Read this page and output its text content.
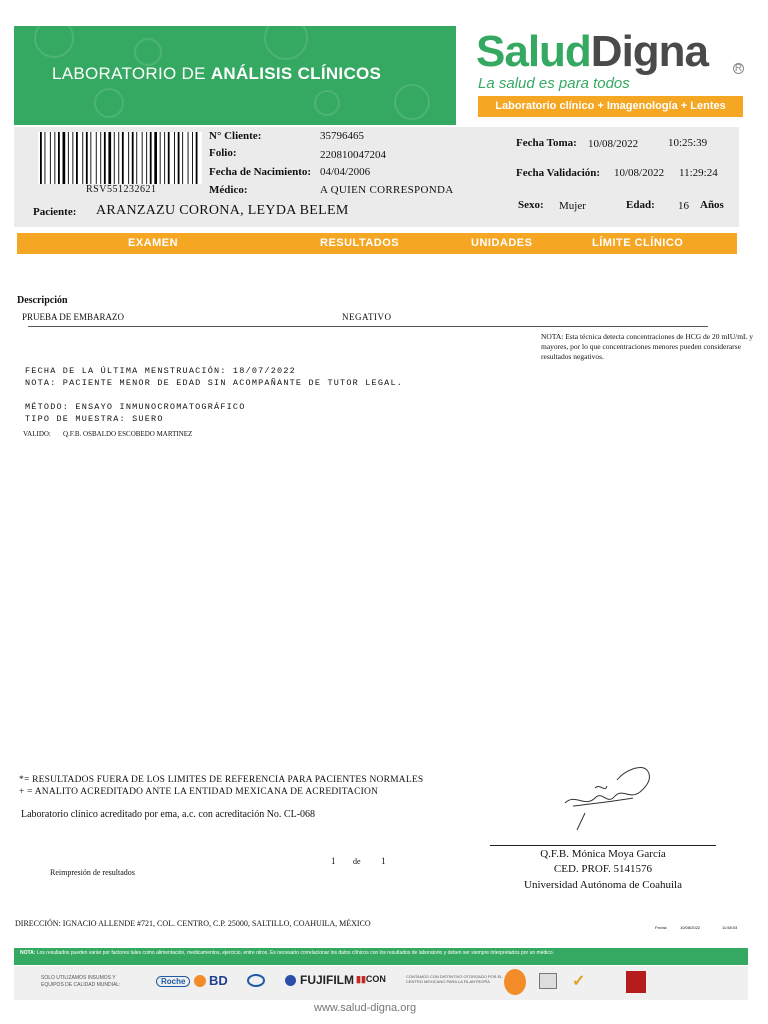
LABORATORIO DE ANÁLISIS CLÍNICOS SaludDigna	R
La salud es para todos
Laboratorio clínico + Imagenología + Lentes
RSV551232621
N° Cliente:	35796465
Folio:	220810047204
Fecha de Nacimiento: 04/04/2006
Médico:	A QUIEN CORRESPONDA
Paciente: ARANZAZU CORONA, LEYDA BELEM
Fecha Toma: 10/08/2022	10:25:39
Fecha Validación: 10/08/2022 11:29:24
Sexo: Mujer	Edad: 16 Años
EXAMEN	RESULTADOS	UNIDADES	LÍMITE CLÍNICO
Descripción
PRUEBA DE EMBARAZO	NEGATIVO
NOTA: Esta técnica detecta concentraciones de HCG de 20 mIU/mL y mayores, por lo que concentraciones menores pueden considerarse resultados negativos.
FECHA DE LA ÚLTIMA MENSTRUACIÓN: 18/07/2022
NOTA: PACIENTE MENOR DE EDAD SIN ACOMPAÑANTE DE TUTOR LEGAL.
MÉTODO: ENSAYO INMUNOCROMATOGRÁFICO
TIPO DE MUESTRA: SUERO
VALIDO: Q.F.B. OSBALDO ESCOBEDO MARTINEZ
*= RESULTADOS FUERA DE LOS LIMITES DE REFERENCIA PARA PACIENTES NORMALES
+ = ANALITO ACREDITADO ANTE LA ENTIDAD MEXICANA DE ACREDITACION
Laboratorio clínico acreditado por ema, a.c. con acreditación No. CL-068
Q.F.B. Mónica Moya García
CED. PROF. 5141576
Universidad Autónoma de Coahuila
1 de 1
Reimpresión de resultados
DIRECCIÓN: IGNACIO ALLENDE #721, COL. CENTRO, C.P. 25000, SALTILLO, COAHUILA, MÉXICO	Fecha:	10/08/2022	11:58:03
NOTA: Los resultados pueden variar por factores tales como alimentación, medicamentos, ejercicio, entre otros. Es necesario correlacionar los datos clínicos con los resultados de laboratorio y deben ser siempre interpretados por un médico.
SOLO UTILIZAMOS INSUMOS Y
EQUIPOS DE CALIDAD MUNDIAL:	Roche	BD	FUJIFILM ▮▮CON	CONTAMOS CON DISTINTIVO OTORGADO POR EL CENTRO MEXICANO PARA LA FILANTROPÍA	✓
www.salud-digna.org
